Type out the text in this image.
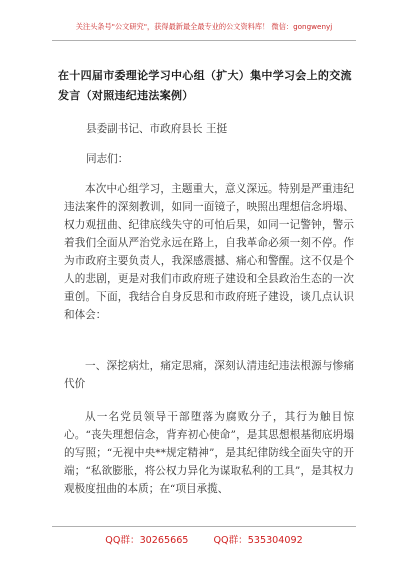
关注头条号"公文研究"，获得最新最全最专业的公文资料库！ 微信：gongwenyj
在十四届市委理论学习中心组（扩大）集中学习会上的交流发言（对照违纪违法案例）
县委副书记、市政府县长 王挺
同志们：

本次中心组学习，主题重大，意义深远。特别是严重违纪违法案件的深刻教训，如同一面镜子，映照出理想信念坍塌、权力观扭曲、纪律底线失守的可怕后果，如同一记警钟，警示着我们全面从严治党永远在路上，自我革命必须一刻不停。作为市政府主要负责人，我深感震撼、痛心和警醒。这不仅是个人的悲剧，更是对我们市政府班子建设和全县政治生态的一次重创。下面，我结合自身反思和市政府班子建设，谈几点认识和体会：

一、深挖病灶，痛定思痛，深刻认清违纪违法根源与惨痛代价

从一名党员领导干部堕落为腐败分子，其行为触目惊心。“丧失理想信念，背弃初心使命”，是其思想根基彻底坍塌的写照；“无视中央**规定精神”，是其纪律防线全面失守的开端；“私欲膨胀，将公权力异化为谋取私利的工具”，是其权力观极度扭曲的本质；在“项目承揽、

QQ群：30265665	QQ群：535304092
